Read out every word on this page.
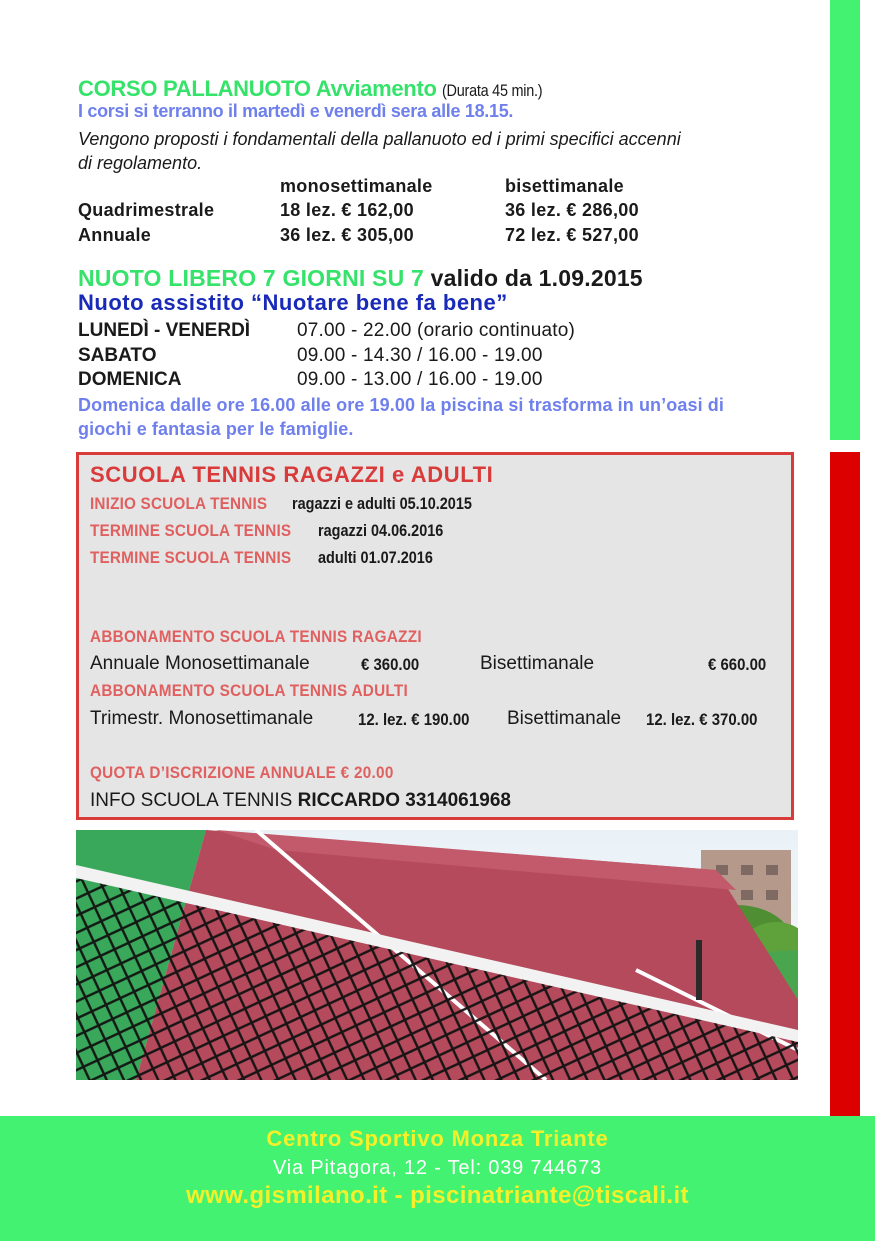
CORSO PALLANUOTO Avviamento (Durata 45 min.)
I corsi si terranno il martedì e venerdì sera alle 18.15.
Vengono proposti i fondamentali della pallanuoto ed i primi specifici accenni di regolamento.
monosettimanale	bisettimanale
Quadrimestrale	18 lez. € 162,00	36 lez. € 286,00
Annuale	36 lez. € 305,00	72 lez. € 527,00
NUOTO LIBERO 7 GIORNI SU 7 valido da 1.09.2015
Nuoto assistito “Nuotare bene fa bene”
LUNEDÌ - VENERDÌ 07.00 - 22.00 (orario continuato)
SABATO	09.00 - 14.30 / 16.00 - 19.00
DOMENICA	09.00 - 13.00 / 16.00 - 19.00
Domenica dalle ore 16.00 alle ore 19.00 la piscina si trasforma in un’oasi di giochi e fantasia per le famiglie.
SCUOLA TENNIS RAGAZZI e ADULTI
INIZIO SCUOLA TENNIS ragazzi e adulti 05.10.2015
TERMINE SCUOLA TENNIS ragazzi 04.06.2016
TERMINE SCUOLA TENNIS adulti 01.07.2016
ABBONAMENTO SCUOLA TENNIS RAGAZZI
Annuale Monosettimanale	€ 360.00	Bisettimanale	€ 660.00
ABBONAMENTO SCUOLA TENNIS ADULTI
Trimestr. Monosettimanale	12. lez. € 190.00	Bisettimanale 12. lez. € 370.00
QUOTA D’ISCRIZIONE ANNUALE € 20.00
INFO SCUOLA TENNIS RICCARDO 3314061968
Centro Sportivo Monza Triante
Via Pitagora, 12 - Tel: 039 744673
www.gismilano.it - piscinatriante@tiscali.it
